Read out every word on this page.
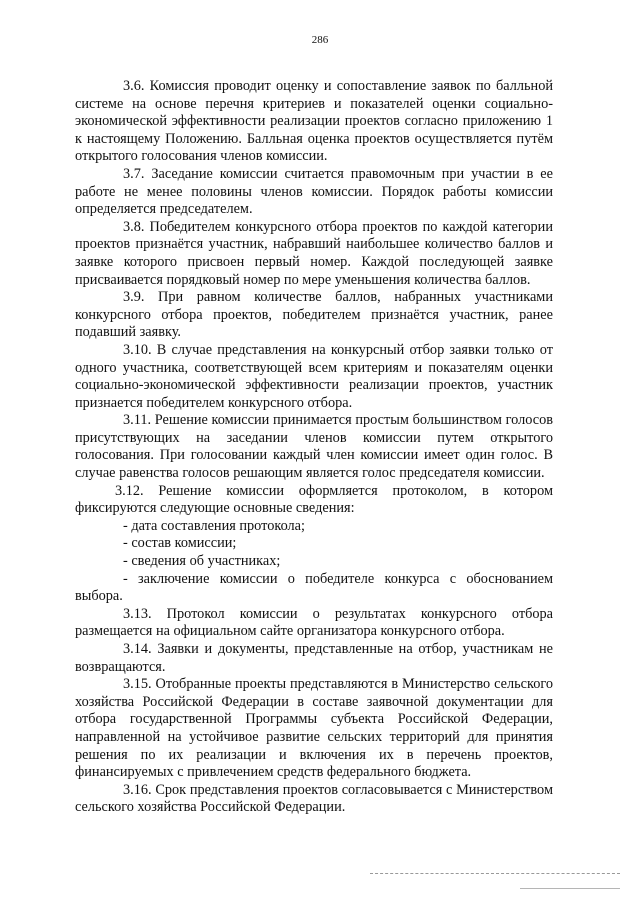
286

3.6. Комиссия проводит оценку и сопоставление заявок по балльной системе на основе перечня критериев и показателей оценки социально-экономической эффективности реализации проектов согласно приложению 1 к настоящему Положению. Балльная оценка проектов осуществляется путём открытого голосования членов комиссии.

3.7. Заседание комиссии считается правомочным при участии в ее работе не менее половины членов комиссии. Порядок работы комиссии определяется председателем.

3.8. Победителем конкурсного отбора проектов по каждой категории проектов признаётся участник, набравший наибольшее количество баллов и заявке которого присвоен первый номер. Каждой последующей заявке присваивается порядковый номер по мере уменьшения количества баллов.

3.9. При равном количестве баллов, набранных участниками конкурсного отбора проектов, победителем признаётся участник, ранее подавший заявку.

3.10. В случае представления на конкурсный отбор заявки только от одного участника, соответствующей всем критериям и показателям оценки социально-экономической эффективности реализации проектов, участник признается победителем конкурсного отбора.

3.11. Решение комиссии принимается простым большинством голосов присутствующих на заседании членов комиссии путем открытого голосования. При голосовании каждый член комиссии имеет один голос. В случае равенства голосов решающим является голос председателя комиссии.

3.12. Решение комиссии оформляется протоколом, в котором фиксируются следующие основные сведения:

- дата составления протокола;

- состав комиссии;

- сведения об участниках;

- заключение комиссии о победителе конкурса с обоснованием выбора.

3.13. Протокол комиссии о результатах конкурсного отбора размещается на официальном сайте организатора конкурсного отбора.

3.14. Заявки и документы, представленные на отбор, участникам не возвращаются.

3.15. Отобранные проекты представляются в Министерство сельского хозяйства Российской Федерации в составе заявочной документации для отбора государственной Программы субъекта Российской Федерации, направленной на устойчивое развитие сельских территорий для принятия решения по их реализации и включения их в перечень проектов, финансируемых с привлечением средств федерального бюджета.

3.16. Срок представления проектов согласовывается с Министерством сельского хозяйства Российской Федерации.
